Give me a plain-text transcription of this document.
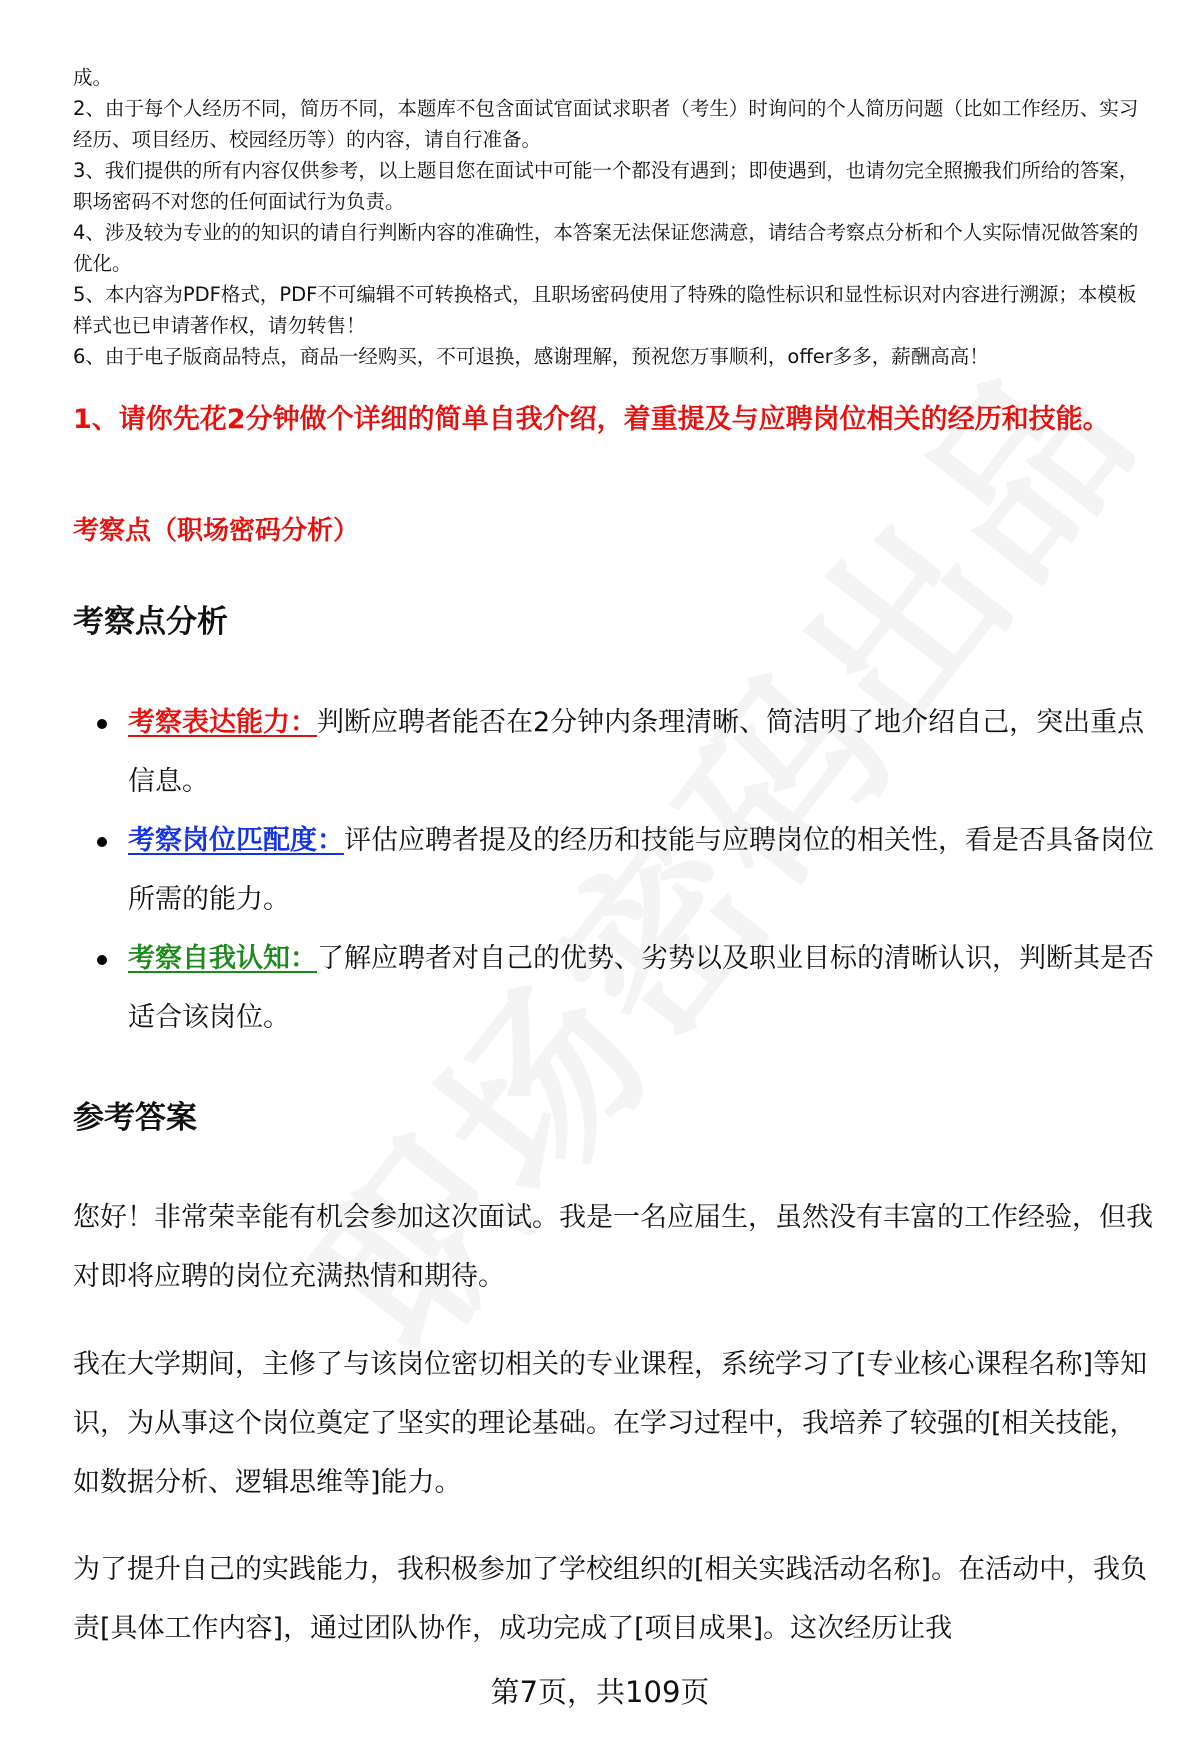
成。

2、由于每个人经历不同，简历不同，本题库不包含面试官面试求职者（考生）时询问的个人简历问题（比如工作经历、实习经历、项目经历、校园经历等）的内容，请自行准备。

3、我们提供的所有内容仅供参考，以上题目您在面试中可能一个都没有遇到；即使遇到，也请勿完全照搬我们所给的答案，职场密码不对您的任何面试行为负责。

4、涉及较为专业的的知识的请自行判断内容的准确性，本答案无法保证您满意，请结合考察点分析和个人实际情况做答案的优化。

5、本内容为PDF格式，PDF不可编辑不可转换格式，且职场密码使用了特殊的隐性标识和显性标识对内容进行溯源；本模板样式也已申请著作权，请勿转售！

6、由于电子版商品特点，商品一经购买，不可退换，感谢理解，预祝您万事顺利，offer多多，薪酬高高！

1、请你先花2分钟做个详细的简单自我介绍，着重提及与应聘岗位相关的经历和技能。
考察点（职场密码分析）
考察点分析
考察表达能力：判断应聘者能否在2分钟内条理清晰、简洁明了地介绍自己，突出重点信息。
考察岗位匹配度：评估应聘者提及的经历和技能与应聘岗位的相关性，看是否具备岗位所需的能力。
考察自我认知：了解应聘者对自己的优势、劣势以及职业目标的清晰认识，判断其是否适合该岗位。
参考答案

您好！非常荣幸能有机会参加这次面试。我是一名应届生，虽然没有丰富的工作经验，但我对即将应聘的岗位充满热情和期待。

我在大学期间，主修了与该岗位密切相关的专业课程，系统学习了[专业核心课程名称]等知识，为从事这个岗位奠定了坚实的理论基础。在学习过程中，我培养了较强的[相关技能，如数据分析、逻辑思维等]能力。

为了提升自己的实践能力，我积极参加了学校组织的[相关实践活动名称]。在活动中，我负责[具体工作内容]，通过团队协作，成功完成了[项目成果]。这次经历让我

第7页，共109页
